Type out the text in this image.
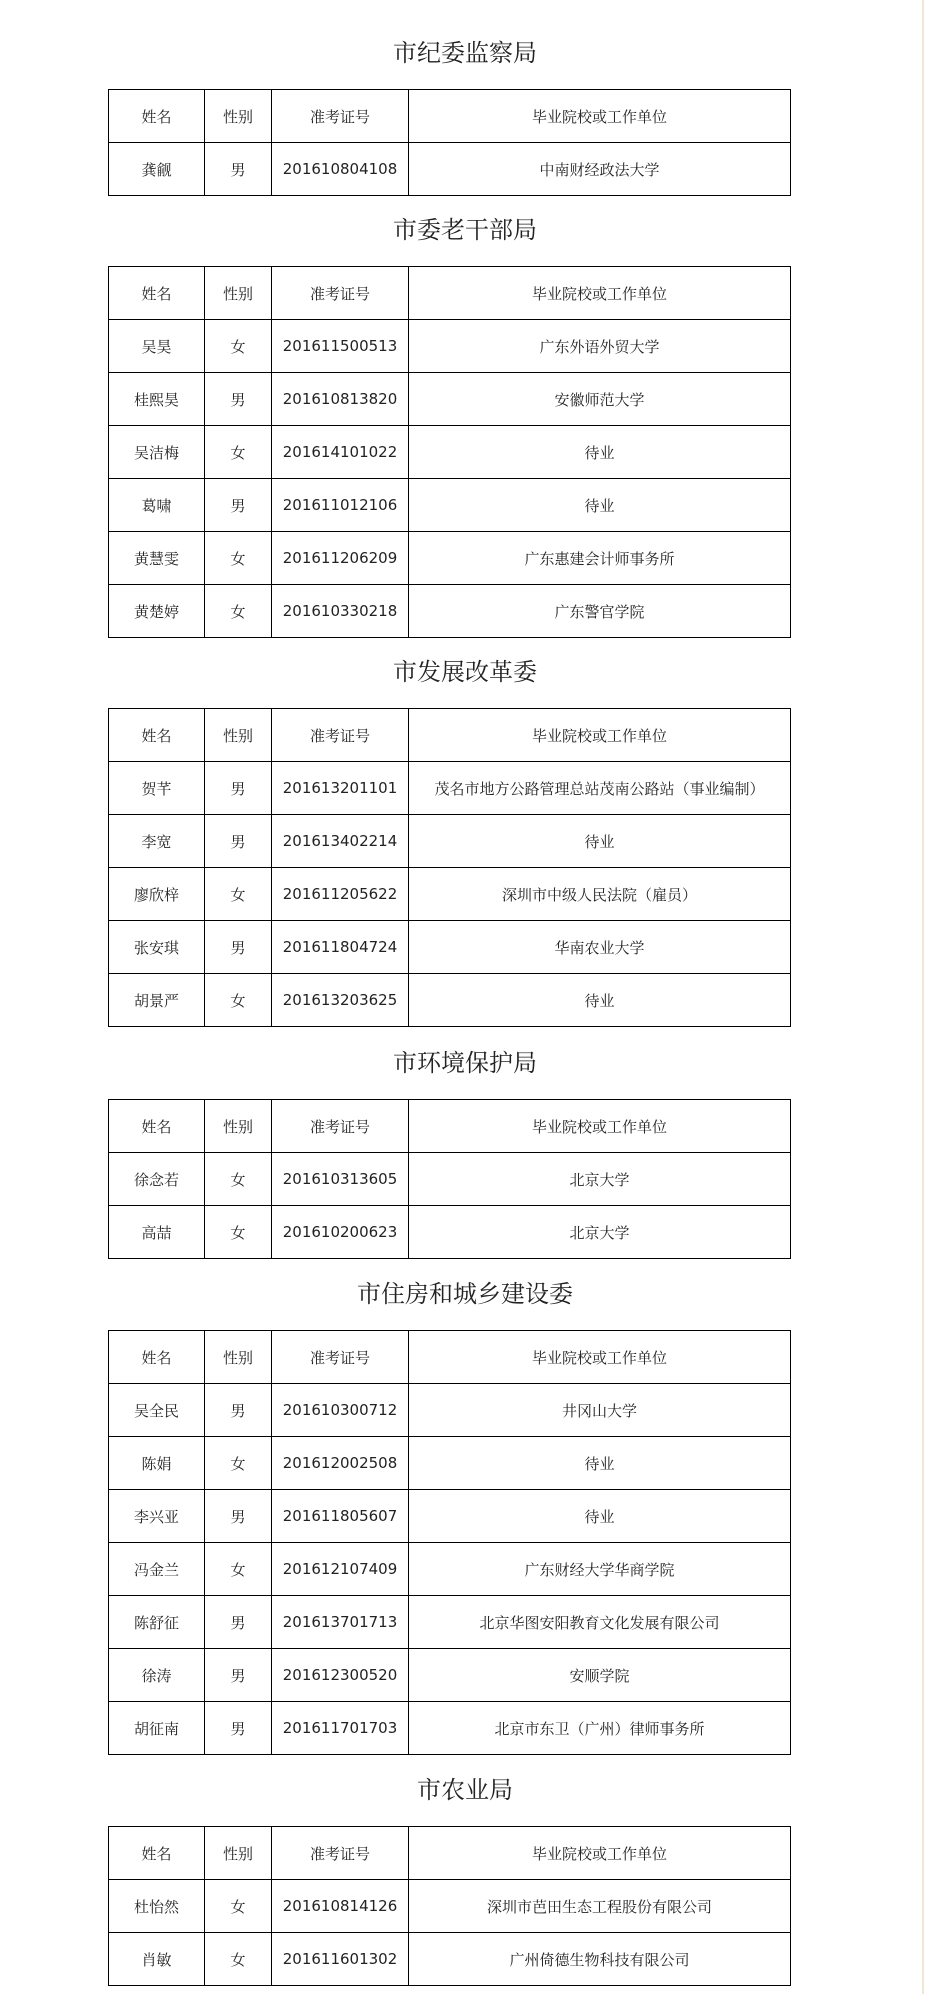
市纪委监察局
姓名	性别	准考证号	毕业院校或工作单位
龚觎	男	201610804108	中南财经政法大学
市委老干部局
姓名	性别	准考证号	毕业院校或工作单位
吴昊	女	201611500513	广东外语外贸大学
桂熙昊	男	201610813820	安徽师范大学
吴洁梅	女	201614101022	待业
葛啸	男	201611012106	待业
黄慧雯	女	201611206209	广东惠建会计师事务所
黄楚婷	女	201610330218	广东警官学院
市发展改革委
姓名	性别	准考证号	毕业院校或工作单位
贺芊	男	201613201101	茂名市地方公路管理总站茂南公路站（事业编制）
李宽	男	201613402214	待业
廖欣梓	女	201611205622	深圳市中级人民法院（雇员）
张安琪	男	201611804724	华南农业大学
胡景严	女	201613203625	待业
市环境保护局
姓名	性别	准考证号	毕业院校或工作单位
徐念若	女	201610313605	北京大学
高喆	女	201610200623	北京大学
市住房和城乡建设委
姓名	性别	准考证号	毕业院校或工作单位
吴全民	男	201610300712	井冈山大学
陈娟	女	201612002508	待业
李兴亚	男	201611805607	待业
冯金兰	女	201612107409	广东财经大学华商学院
陈舒征	男	201613701713	北京华图安阳教育文化发展有限公司
徐涛	男	201612300520	安顺学院
胡征南	男	201611701703	北京市东卫（广州）律师事务所
市农业局
姓名	性别	准考证号	毕业院校或工作单位
杜怡然	女	201610814126	深圳市芭田生态工程股份有限公司
肖敏	女	201611601302	广州倚德生物科技有限公司
